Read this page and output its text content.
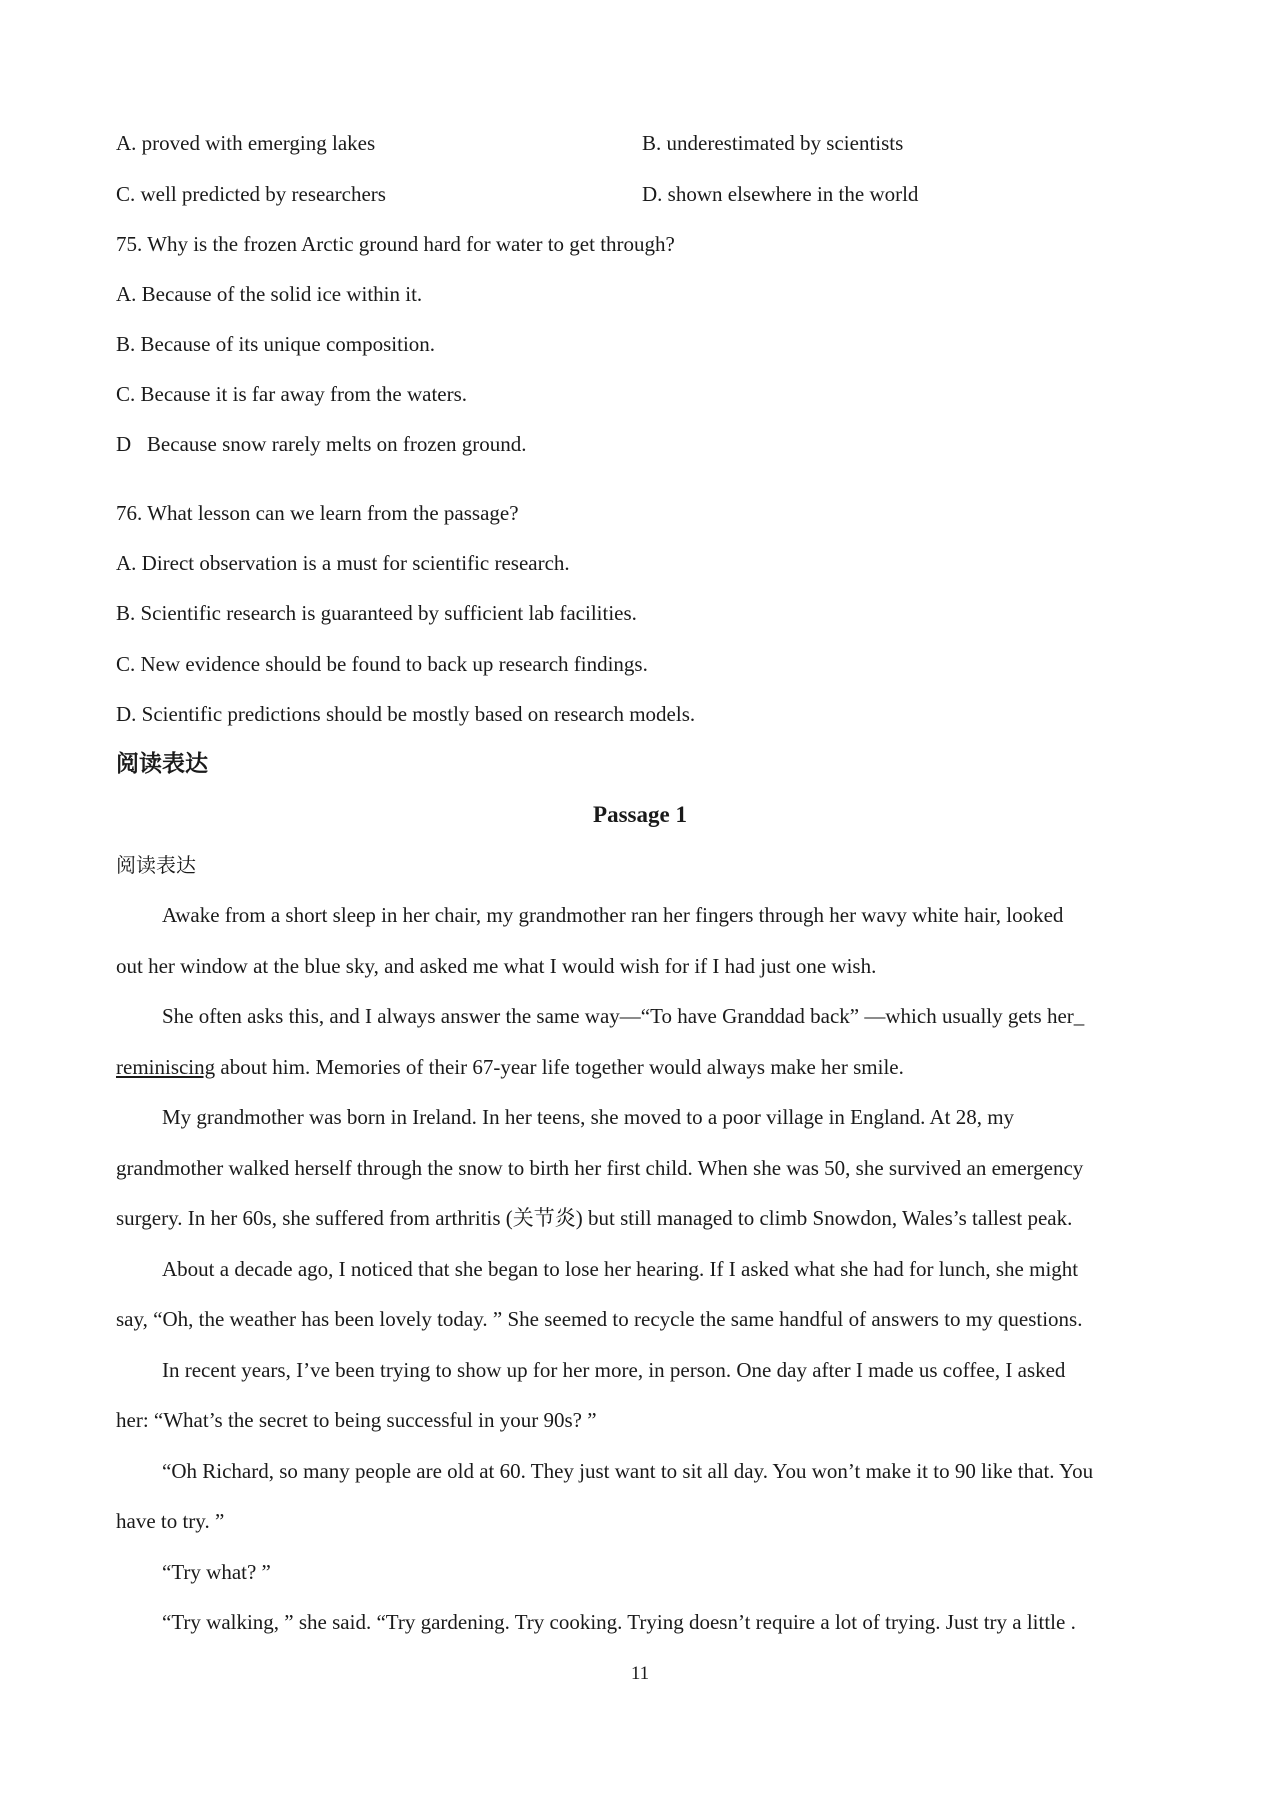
A. proved with emerging lakes	B. underestimated by scientists
C. well predicted by researchers	D. shown elsewhere in the world
75. Why is the frozen Arctic ground hard for water to get through?
A. Because of the solid ice within it.
B. Because of its unique composition.
C. Because it is far away from the waters.
D   Because snow rarely melts on frozen ground.
76. What lesson can we learn from the passage?
A. Direct observation is a must for scientific research.
B. Scientific research is guaranteed by sufficient lab facilities.
C. New evidence should be found to back up research findings.
D. Scientific predictions should be mostly based on research models.
阅读表达
Passage 1
阅读表达
Awake from a short sleep in her chair, my grandmother ran her fingers through her wavy white hair, looked
out her window at the blue sky, and asked me what I would wish for if I had just one wish.
She often asks this, and I always answer the same way—“To have Granddad back” —which usually gets her_
reminiscing about him. Memories of their 67-year life together would always make her smile.
My grandmother was born in Ireland. In her teens, she moved to a poor village in England. At 28, my
grandmother walked herself through the snow to birth her first child. When she was 50, she survived an emergency
surgery. In her 60s, she suffered from arthritis (关节炎) but still managed to climb Snowdon, Wales’s tallest peak.
About a decade ago, I noticed that she began to lose her hearing. If I asked what she had for lunch, she might
say, “Oh, the weather has been lovely today. ” She seemed to recycle the same handful of answers to my questions.
In recent years, I’ve been trying to show up for her more, in person. One day after I made us coffee, I asked
her: “What’s the secret to being successful in your 90s? ”
“Oh Richard, so many people are old at 60. They just want to sit all day. You won’t make it to 90 like that. You
have to try. ”
“Try what? ”
“Try walking, ” she said. “Try gardening. Try cooking. Trying doesn’t require a lot of trying. Just try a little .
11
